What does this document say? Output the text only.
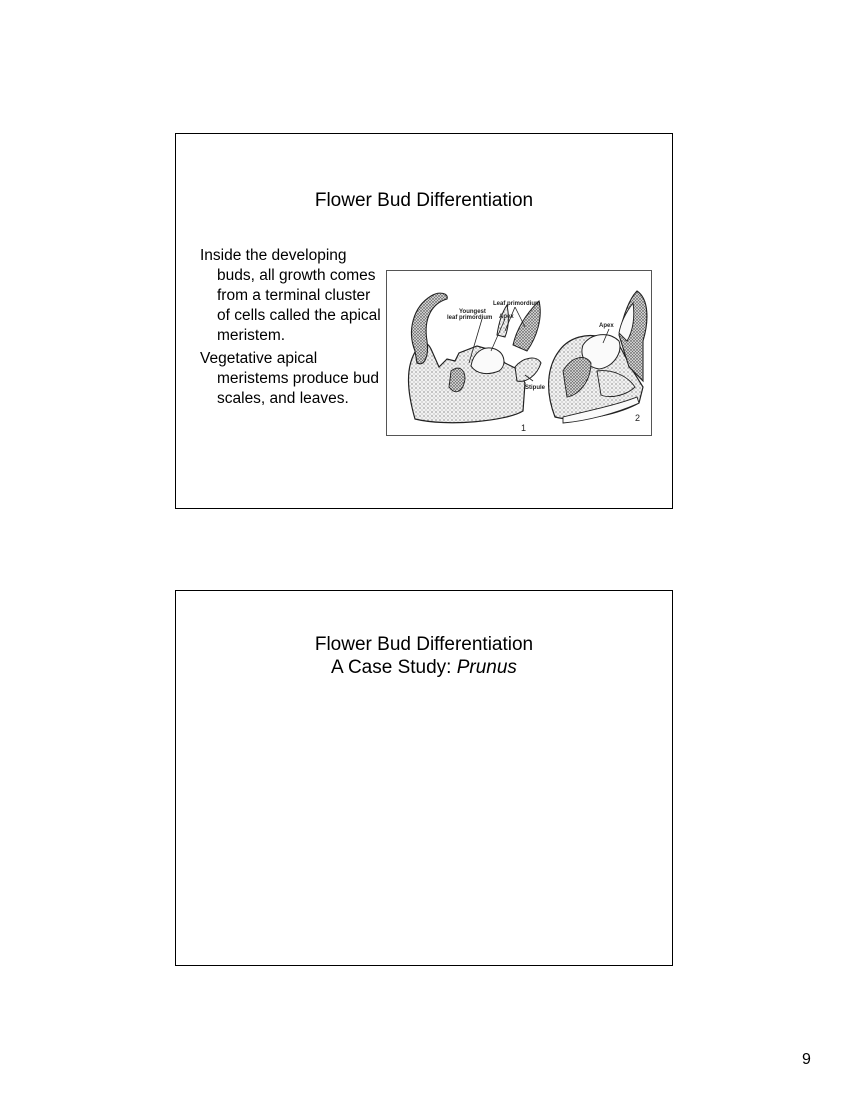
Flower Bud Differentiation

Inside the developing buds, all growth comes from a terminal cluster of cells called the apical meristem.

Vegetative apical meristems produce bud scales, and leaves.

Leaf primordium
Youngest
leaf primordium Apex
Stipule
1
Apex
2
Flower Bud Differentiation
A Case Study: Prunus
9
